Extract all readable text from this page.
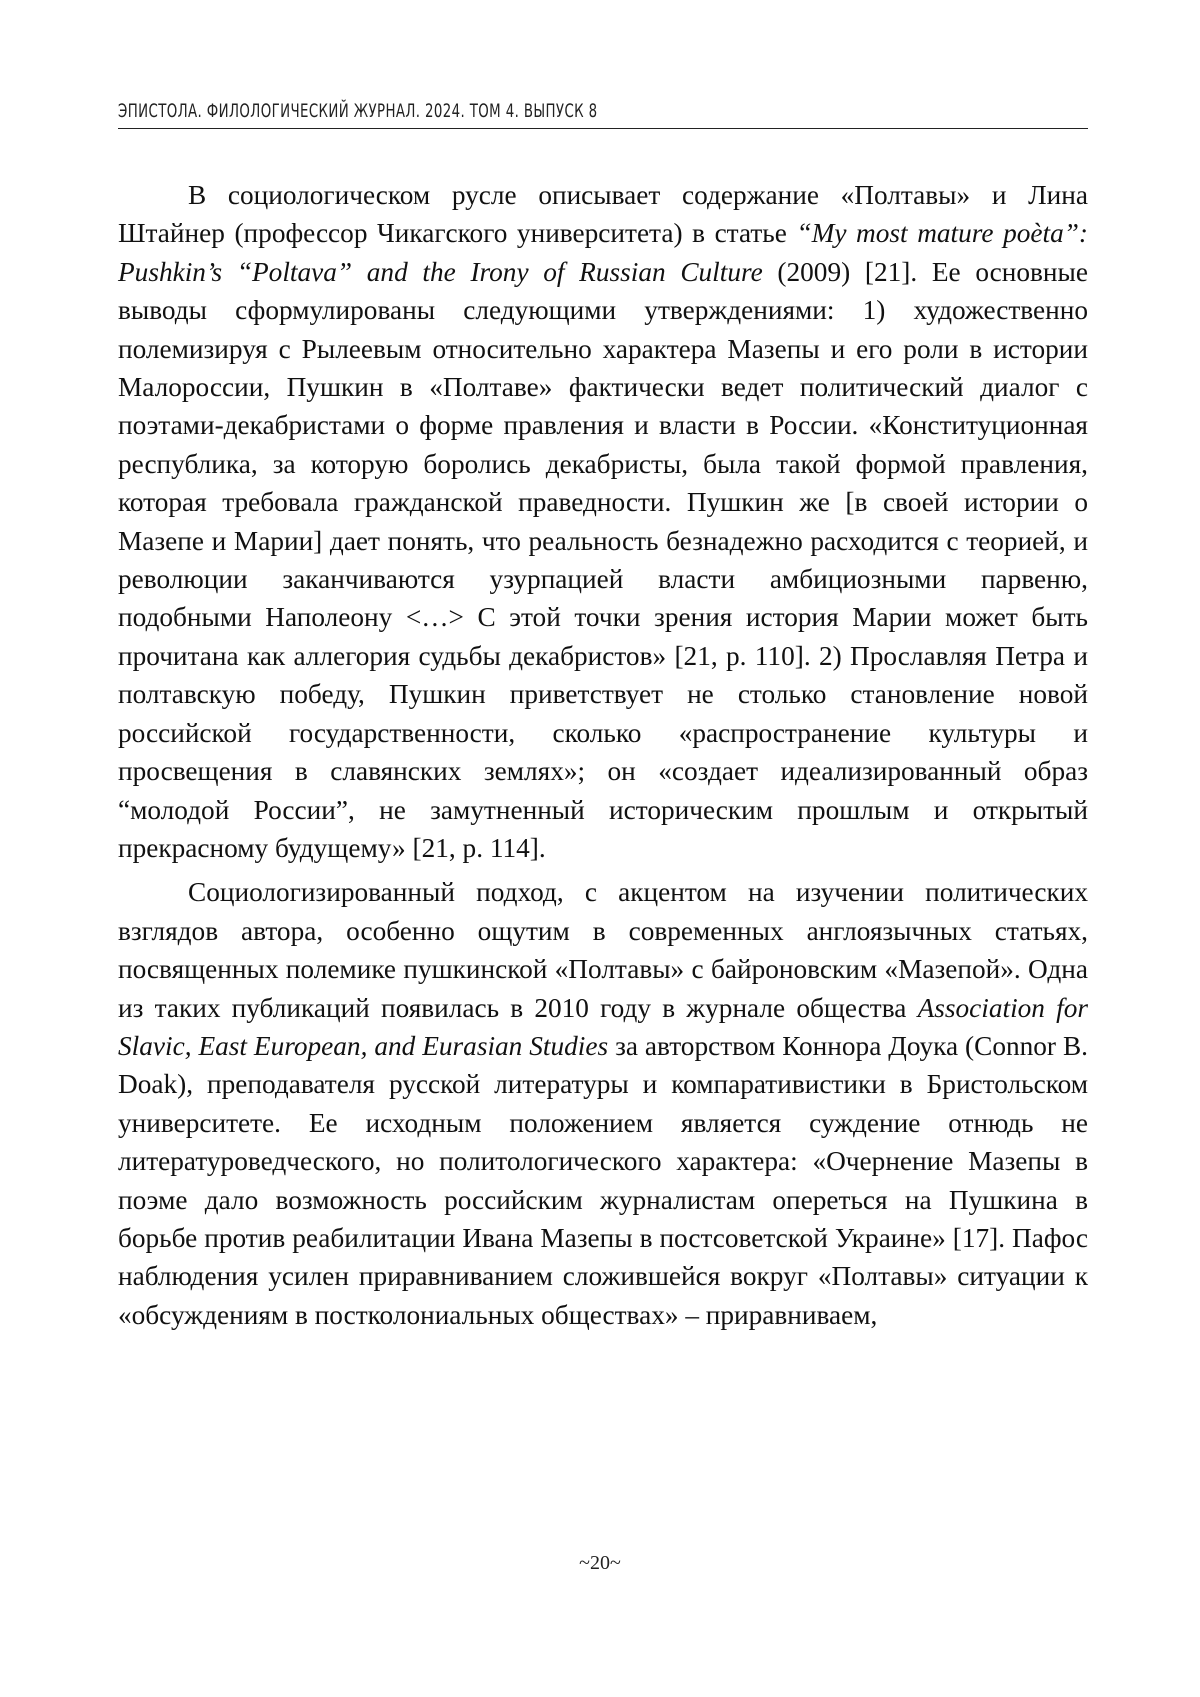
ЭПИСТОЛА. ФИЛОЛОГИЧЕСКИЙ ЖУРНАЛ. 2024. ТОМ 4. ВЫПУСК 8

В социологическом русле описывает содержание «Полтавы» и Лина Штайнер (профессор Чикагского университета) в статье “My most mature poèta”: Pushkin’s “Poltava” and the Irony of Russian Culture (2009) [21]. Ее основные выводы сформулированы следующими утверждениями: 1) художественно полемизируя с Рылеевым относительно характера Мазепы и его роли в истории Малороссии, Пушкин в «Полтаве» фактически ведет политический диалог с поэтами-декабристами о форме правления и власти в России. «Конституционная республика, за которую боролись декабристы, была такой формой правления, которая требовала гражданской праведности. Пушкин же [в своей истории о Мазепе и Марии] дает понять, что реальность безнадежно расходится с теорией, и революции заканчиваются узурпацией власти амбициозными парвеню, подобными Наполеону <…> С этой точки зрения история Марии может быть прочитана как аллегория судьбы декабристов» [21, p. 110]. 2) Прославляя Петра и полтавскую победу, Пушкин приветствует не столько становление новой российской государственности, сколько «распространение культуры и просвещения в славянских землях»; он «создает идеализированный образ “молодой России”, не замутненный историческим прошлым и открытый прекрасному будущему» [21, p. 114].

Социологизированный подход, с акцентом на изучении политических взглядов автора, особенно ощутим в современных англоязычных статьях, посвященных полемике пушкинской «Полтавы» с байроновским «Мазепой». Одна из таких публикаций появилась в 2010 году в журнале общества Association for Slavic, East European, and Eurasian Studies за авторством Коннора Доука (Connor B. Doak), преподавателя русской литературы и компаративистики в Бристольском университете. Ее исходным положением является суждение отнюдь не литературоведческого, но политологического характера: «Очернение Мазепы в поэме дало возможность российским журналистам опереться на Пушкина в борьбе против реабилитации Ивана Мазепы в постсоветской Украине» [17]. Пафос наблюдения усилен приравниванием сложившейся вокруг «Полтавы» ситуации к «обсуждениям в постколониальных обществах» – приравниваем,

~20~
